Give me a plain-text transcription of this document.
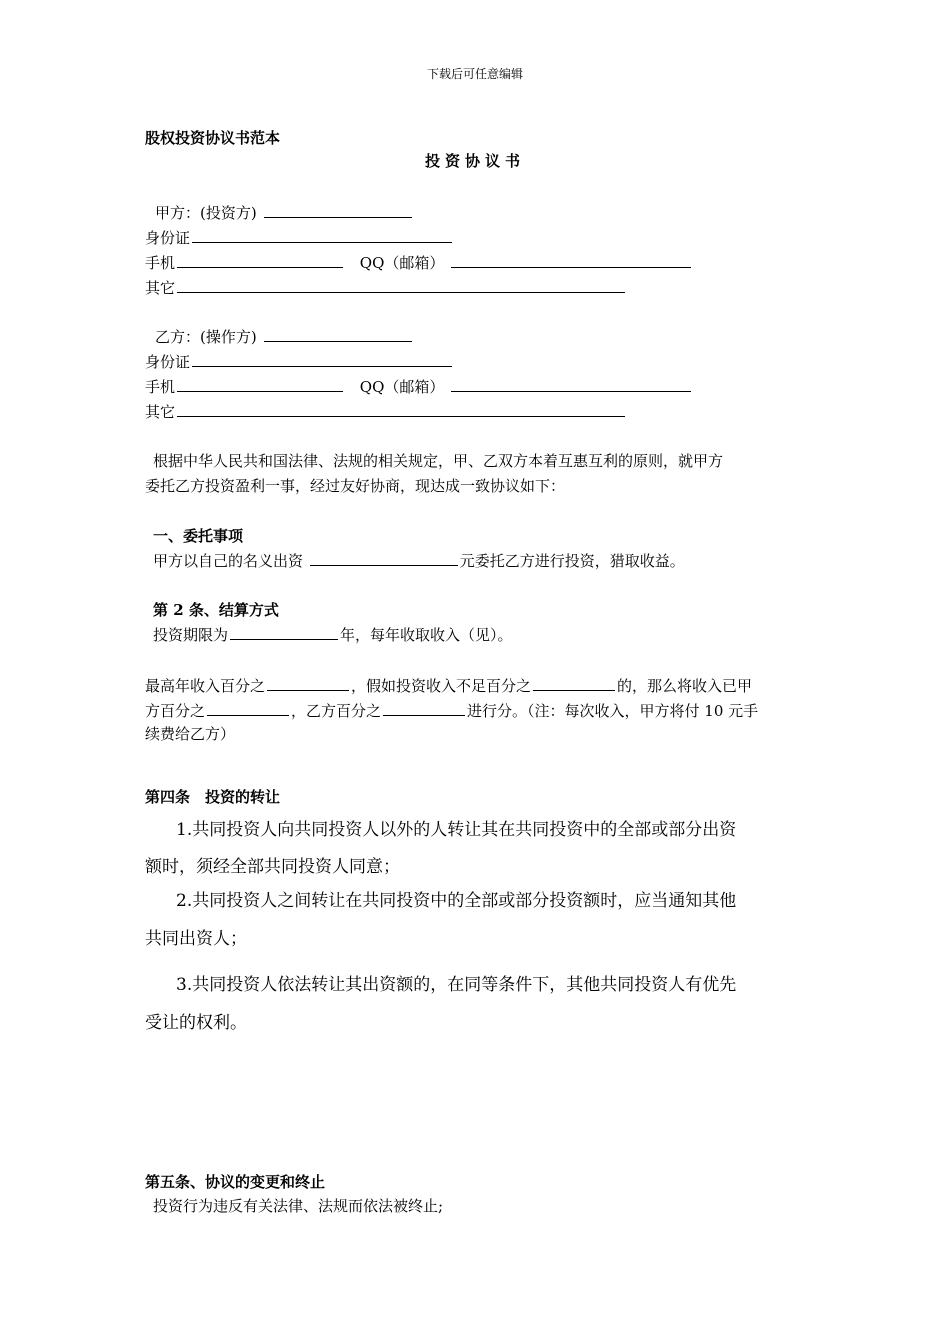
下载后可任意编辑
股权投资协议书范本
投资协议书
甲方：(投资方)
身份证
手机	QQ（邮箱）
其它
乙方：(操作方)
身份证
手机	QQ（邮箱）
其它
根据中华人民共和国法律、法规的相关规定，甲、乙双方本着互惠互利的原则，就甲方
委托乙方投资盈利一事，经过友好协商，现达成一致协议如下：
一、委托事项
甲方以自己的名义出资	元委托乙方进行投资，猎取收益。
第 2 条、结算方式
投资期限为	年，每年收取收入（见）。
最高年收入百分之	，假如投资收入不足百分之	的，那么将收入已甲
方百分之	，乙方百分之	进行分。（注：每次收入，甲方将付 10 元手
续费给乙方）
第四条　投资的转让
1.共同投资人向共同投资人以外的人转让其在共同投资中的全部或部分出资
额时，须经全部共同投资人同意；
2.共同投资人之间转让在共同投资中的全部或部分投资额时，应当通知其他
共同出资人；
3.共同投资人依法转让其出资额的，在同等条件下，其他共同投资人有优先
受让的权利。
第五条、协议的变更和终止
投资行为违反有关法律、法规而依法被终止;
